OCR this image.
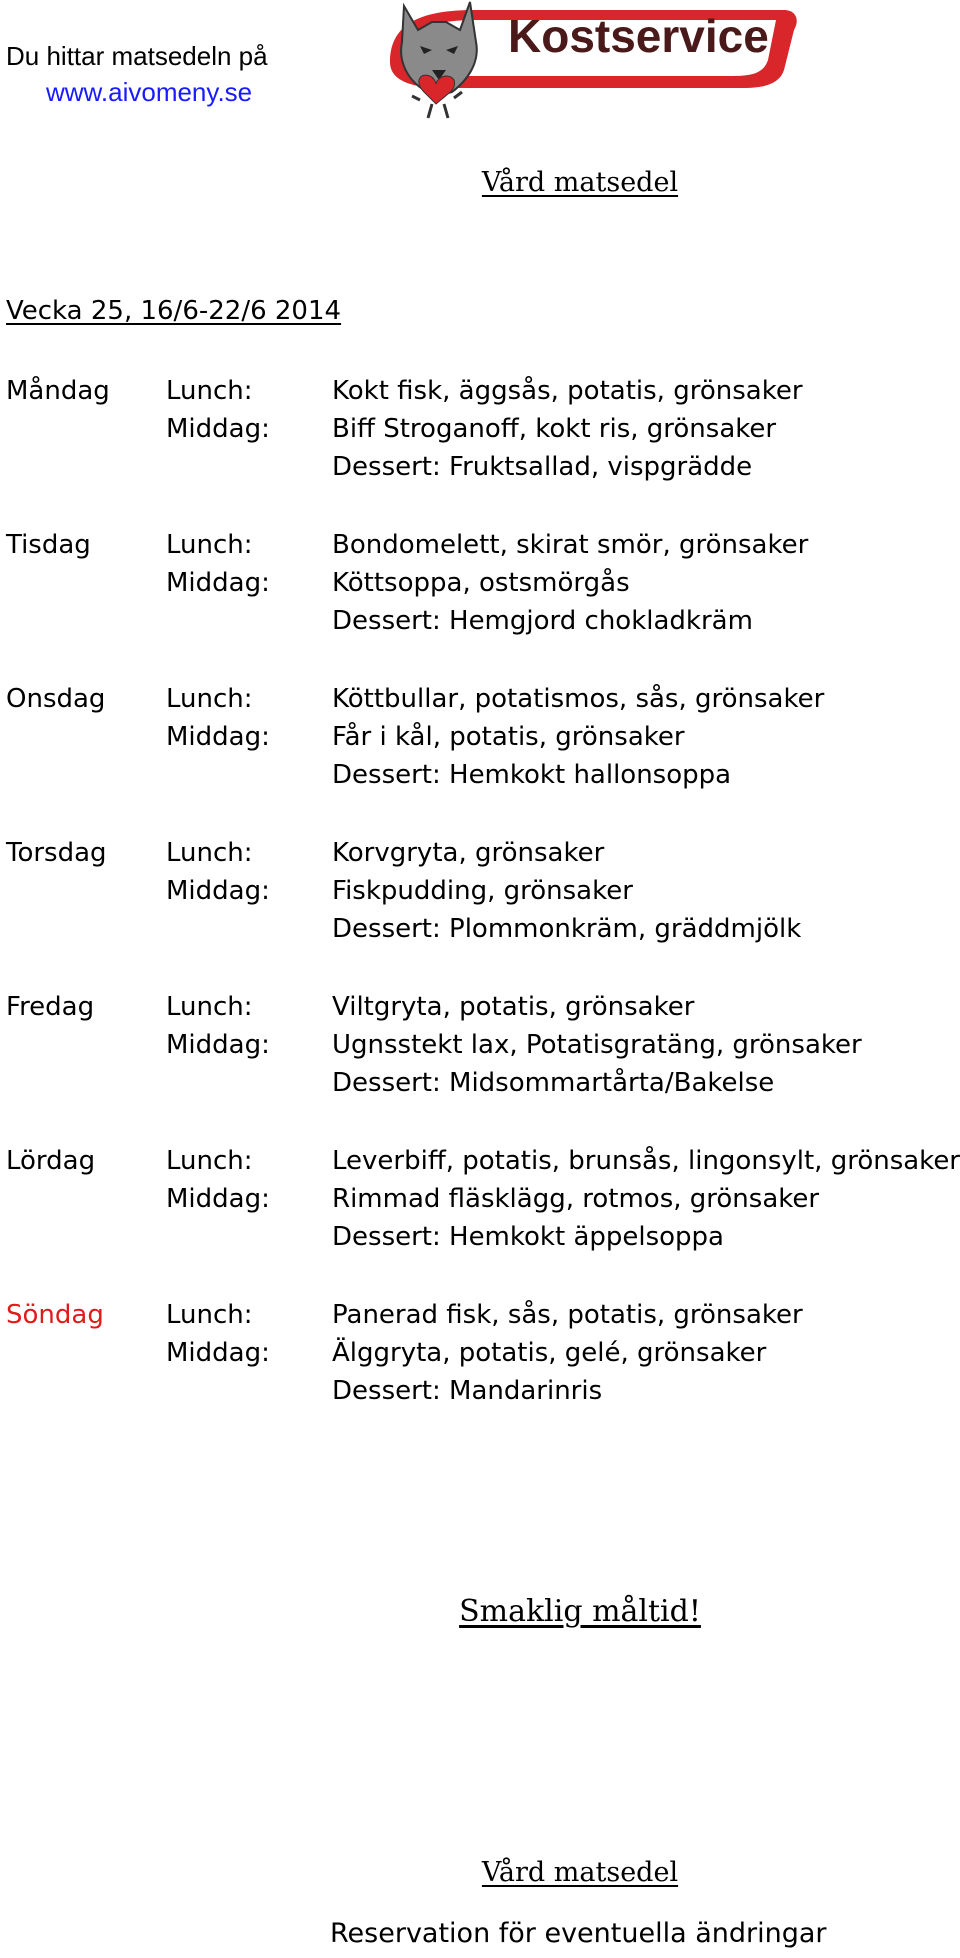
Du hittar matsedeln på
www.aivomeny.se
Kostservice
Övertorneå kommun
Vård matsedel
Vecka 25, 16/6-22/6 2014
Måndag	Lunch:	Kokt fisk, äggsås, potatis, grönsaker
Middag:	Biff Stroganoff, kokt ris, grönsaker
Dessert: Fruktsallad, vispgrädde
Tisdag	Lunch:	Bondomelett, skirat smör, grönsaker
Middag:	Köttsoppa, ostsmörgås
Dessert: Hemgjord chokladkräm
Onsdag	Lunch:	Köttbullar, potatismos, sås, grönsaker
Middag:	Får i kål, potatis, grönsaker
Dessert: Hemkokt hallonsoppa
Torsdag	Lunch:	Korvgryta, grönsaker
Middag:	Fiskpudding, grönsaker
Dessert: Plommonkräm, gräddmjölk
Fredag	Lunch:	Viltgryta, potatis, grönsaker
Middag:	Ugnsstekt lax, Potatisgratäng, grönsaker
Dessert: Midsommartårta/Bakelse
Lördag	Lunch:	Leverbiff, potatis, brunsås, lingonsylt, grönsaker
Middag:	Rimmad fläsklägg, rotmos, grönsaker
Dessert: Hemkokt äppelsoppa
Söndag	Lunch:	Panerad fisk, sås, potatis, grönsaker
Middag:	Älggryta, potatis, gelé, grönsaker
Dessert: Mandarinris
Smaklig måltid!
Vård matsedel
Reservation för eventuella ändringar
